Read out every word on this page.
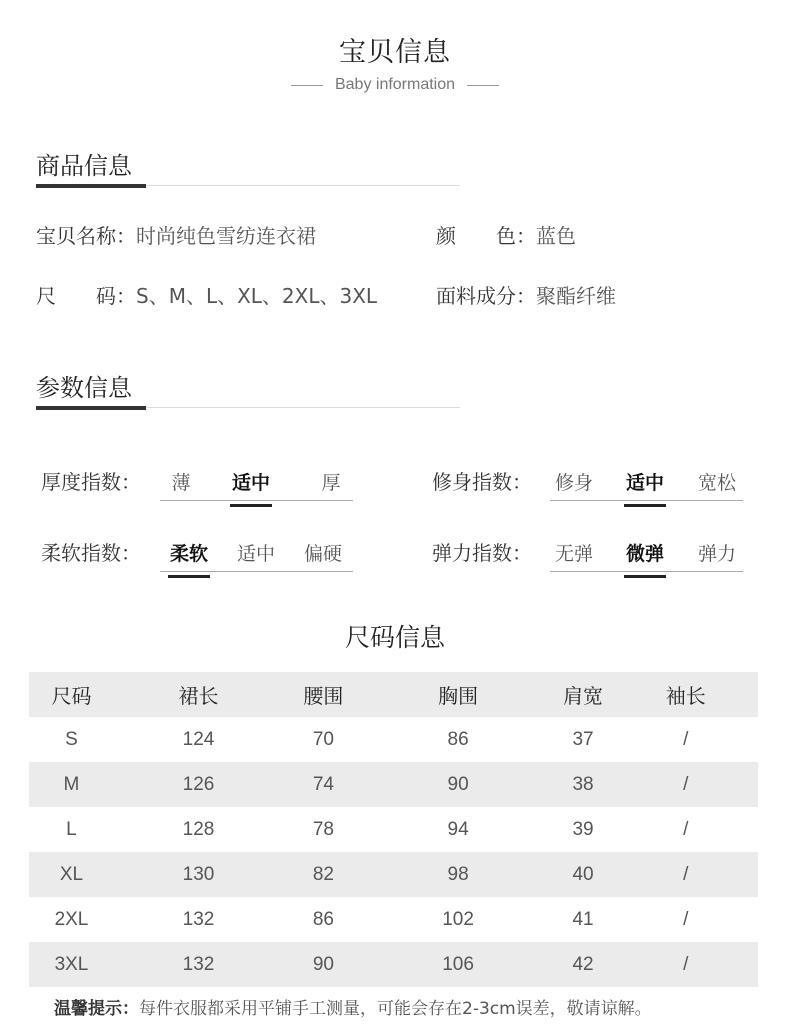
宝贝信息
Baby information
商品信息
宝贝名称：时尚纯色雪纺连衣裙	颜　　色：蓝色
尺　　码：S、M、L、XL、2XL、3XL	面料成分：聚酯纤维
参数信息
厚度指数：	薄	适中	厚	修身指数：	修身	适中	宽松
柔软指数：	柔软	适中	偏硬	弹力指数：	无弹	微弹	弹力
尺码信息
尺码	裙长	腰围	胸围	肩宽	袖长
S	124	70	86	37	/
M	126	74	90	38	/
L	128	78	94	39	/
XL	130	82	98	40	/
2XL	132	86	102	41	/
3XL	132	90	106	42	/
温馨提示：每件衣服都采用平铺手工测量，可能会存在2-3cm误差，敬请谅解。
